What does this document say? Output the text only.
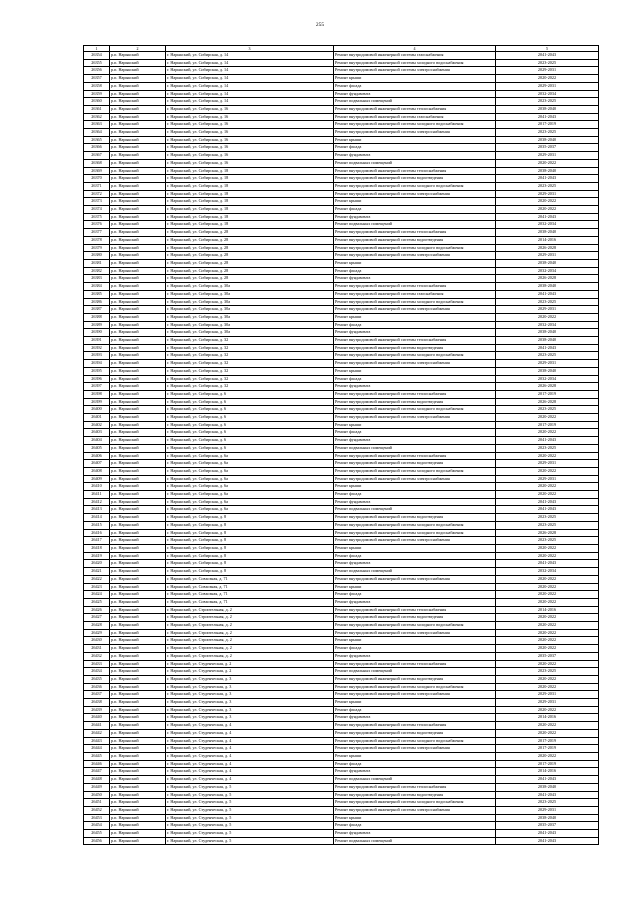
255
1	2	3	4	5
26354	р.п. Нарыкский	г. Нарыкский, ул. Сибирская, д. 14	Ремонт внутридомовой инженерной системы газоснабжения	2041-2043
26355	р.п. Нарыкский	г. Нарыкский, ул. Сибирская, д. 14	Ремонт внутридомовой инженерной системы холодного водоснабжения	2023-2025
26356	р.п. Нарыкский	г. Нарыкский, ул. Сибирская, д. 14	Ремонт внутридомовой инженерной системы электроснабжения	2029-2031
26357	р.п. Нарыкский	г. Нарыкский, ул. Сибирская, д. 14	Ремонт крыши	2020-2022
26358	р.п. Нарыкский	г. Нарыкский, ул. Сибирская, д. 14	Ремонт фасада	2029-2031
26359	р.п. Нарыкский	г. Нарыкский, ул. Сибирская, д. 14	Ремонт фундамента	2032-2034
26360	р.п. Нарыкский	г. Нарыкский, ул. Сибирская, д. 14	Ремонт подвальных помещений	2023-2025
26361	р.п. Нарыкский	г. Нарыкский, ул. Сибирская, д. 16	Ремонт внутридомовой инженерной системы теплоснабжения	2038-2040
26362	р.п. Нарыкский	г. Нарыкский, ул. Сибирская, д. 16	Ремонт внутридомовой инженерной системы газоснабжения	2041-2043
26363	р.п. Нарыкский	г. Нарыкский, ул. Сибирская, д. 16	Ремонт внутридомовой инженерной системы холодного водоснабжения	2017-2019
26364	р.п. Нарыкский	г. Нарыкский, ул. Сибирская, д. 16	Ремонт внутридомовой инженерной системы электроснабжения	2023-2025
26365	р.п. Нарыкский	г. Нарыкский, ул. Сибирская, д. 16	Ремонт крыши	2038-2040
26366	р.п. Нарыкский	г. Нарыкский, ул. Сибирская, д. 16	Ремонт фасада	2035-2037
26367	р.п. Нарыкский	г. Нарыкский, ул. Сибирская, д. 16	Ремонт фундамента	2029-2031
26368	р.п. Нарыкский	г. Нарыкский, ул. Сибирская, д. 16	Ремонт подвальных помещений	2020-2022
26369	р.п. Нарыкский	г. Нарыкский, ул. Сибирская, д. 18	Ремонт внутридомовой инженерной системы теплоснабжения	2038-2040
26370	р.п. Нарыкский	г. Нарыкский, ул. Сибирская, д. 18	Ремонт внутридомовой инженерной системы водоотведения	2041-2043
26371	р.п. Нарыкский	г. Нарыкский, ул. Сибирская, д. 18	Ремонт внутридомовой инженерной системы холодного водоснабжения	2023-2025
26372	р.п. Нарыкский	г. Нарыкский, ул. Сибирская, д. 18	Ремонт внутридомовой инженерной системы электроснабжения	2029-2031
26373	р.п. Нарыкский	г. Нарыкский, ул. Сибирская, д. 18	Ремонт крыши	2020-2022
26374	р.п. Нарыкский	г. Нарыкский, ул. Сибирская, д. 18	Ремонт фасада	2020-2022
26375	р.п. Нарыкский	г. Нарыкский, ул. Сибирская, д. 18	Ремонт фундамента	2041-2043
26376	р.п. Нарыкский	г. Нарыкский, ул. Сибирская, д. 18	Ремонт подвальных помещений	2032-2034
26377	р.п. Нарыкский	г. Нарыкский, ул. Сибирская, д. 28	Ремонт внутридомовой инженерной системы теплоснабжения	2038-2040
26378	р.п. Нарыкский	г. Нарыкский, ул. Сибирская, д. 28	Ремонт внутридомовой инженерной системы водоотведения	2014-2016
26379	р.п. Нарыкский	г. Нарыкский, ул. Сибирская, д. 28	Ремонт внутридомовой инженерной системы холодного водоснабжения	2026-2028
26380	р.п. Нарыкский	г. Нарыкский, ул. Сибирская, д. 28	Ремонт внутридомовой инженерной системы электроснабжения	2029-2031
26381	р.п. Нарыкский	г. Нарыкский, ул. Сибирская, д. 28	Ремонт крыши	2038-2040
26382	р.п. Нарыкский	г. Нарыкский, ул. Сибирская, д. 28	Ремонт фасада	2032-2034
26383	р.п. Нарыкский	г. Нарыкский, ул. Сибирская, д. 28	Ремонт фундамента	2026-2028
26384	р.п. Нарыкский	г. Нарыкский, ул. Сибирская, д. 30а	Ремонт внутридомовой инженерной системы теплоснабжения	2038-2040
26385	р.п. Нарыкский	г. Нарыкский, ул. Сибирская, д. 30а	Ремонт внутридомовой инженерной системы газоснабжения	2041-2043
26386	р.п. Нарыкский	г. Нарыкский, ул. Сибирская, д. 30а	Ремонт внутридомовой инженерной системы холодного водоснабжения	2023-2025
26387	р.п. Нарыкский	г. Нарыкский, ул. Сибирская, д. 30а	Ремонт внутридомовой инженерной системы электроснабжения	2029-2031
26388	р.п. Нарыкский	г. Нарыкский, ул. Сибирская, д. 30а	Ремонт крыши	2020-2022
26389	р.п. Нарыкский	г. Нарыкский, ул. Сибирская, д. 30а	Ремонт фасада	2032-2034
26390	р.п. Нарыкский	г. Нарыкский, ул. Сибирская, д. 30а	Ремонт фундамента	2038-2040
26391	р.п. Нарыкский	г. Нарыкский, ул. Сибирская, д. 32	Ремонт внутридомовой инженерной системы теплоснабжения	2038-2040
26392	р.п. Нарыкский	г. Нарыкский, ул. Сибирская, д. 32	Ремонт внутридомовой инженерной системы водоотведения	2041-2043
26393	р.п. Нарыкский	г. Нарыкский, ул. Сибирская, д. 32	Ремонт внутридомовой инженерной системы холодного водоснабжения	2023-2025
26394	р.п. Нарыкский	г. Нарыкский, ул. Сибирская, д. 32	Ремонт внутридомовой инженерной системы электроснабжения	2029-2031
26395	р.п. Нарыкский	г. Нарыкский, ул. Сибирская, д. 32	Ремонт крыши	2038-2040
26396	р.п. Нарыкский	г. Нарыкский, ул. Сибирская, д. 32	Ремонт фасада	2032-2034
26397	р.п. Нарыкский	г. Нарыкский, ул. Сибирская, д. 32	Ремонт фундамента	2026-2028
26398	р.п. Нарыкский	г. Нарыкский, ул. Сибирская, д. 6	Ремонт внутридомовой инженерной системы теплоснабжения	2017-2019
26399	р.п. Нарыкский	г. Нарыкский, ул. Сибирская, д. 6	Ремонт внутридомовой инженерной системы водоотведения	2026-2028
26400	р.п. Нарыкский	г. Нарыкский, ул. Сибирская, д. 6	Ремонт внутридомовой инженерной системы холодного водоснабжения	2023-2025
26401	р.п. Нарыкский	г. Нарыкский, ул. Сибирская, д. 6	Ремонт внутридомовой инженерной системы электроснабжения	2020-2022
26402	р.п. Нарыкский	г. Нарыкский, ул. Сибирская, д. 6	Ремонт крыши	2017-2019
26403	р.п. Нарыкский	г. Нарыкский, ул. Сибирская, д. 6	Ремонт фасада	2020-2022
26404	р.п. Нарыкский	г. Нарыкский, ул. Сибирская, д. 6	Ремонт фундамента	2041-2043
26405	р.п. Нарыкский	г. Нарыкский, ул. Сибирская, д. 6	Ремонт подвальных помещений	2023-2025
26406	р.п. Нарыкский	г. Нарыкский, ул. Сибирская, д. 6а	Ремонт внутридомовой инженерной системы теплоснабжения	2020-2022
26407	р.п. Нарыкский	г. Нарыкский, ул. Сибирская, д. 6а	Ремонт внутридомовой инженерной системы водоотведения	2029-2031
26408	р.п. Нарыкский	г. Нарыкский, ул. Сибирская, д. 6а	Ремонт внутридомовой инженерной системы холодного водоснабжения	2020-2022
26409	р.п. Нарыкский	г. Нарыкский, ул. Сибирская, д. 6а	Ремонт внутридомовой инженерной системы электроснабжения	2029-2031
26410	р.п. Нарыкский	г. Нарыкский, ул. Сибирская, д. 6а	Ремонт крыши	2020-2022
26411	р.п. Нарыкский	г. Нарыкский, ул. Сибирская, д. 6а	Ремонт фасада	2020-2022
26412	р.п. Нарыкский	г. Нарыкский, ул. Сибирская, д. 6а	Ремонт фундамента	2041-2043
26413	р.п. Нарыкский	г. Нарыкский, ул. Сибирская, д. 6а	Ремонт подвальных помещений	2041-2043
26414	р.п. Нарыкский	г. Нарыкский, ул. Сибирская, д. 8	Ремонт внутридомовой инженерной системы водоотведения	2023-2025
26415	р.п. Нарыкский	г. Нарыкский, ул. Сибирская, д. 8	Ремонт внутридомовой инженерной системы холодного водоснабжения	2023-2025
26416	р.п. Нарыкский	г. Нарыкский, ул. Сибирская, д. 8	Ремонт внутридомовой инженерной системы холодного водоснабжения	2026-2028
26417	р.п. Нарыкский	г. Нарыкский, ул. Сибирская, д. 8	Ремонт внутридомовой инженерной системы электроснабжения	2023-2025
26418	р.п. Нарыкский	г. Нарыкский, ул. Сибирская, д. 8	Ремонт крыши	2020-2022
26419	р.п. Нарыкский	г. Нарыкский, ул. Сибирская, д. 8	Ремонт фасада	2020-2022
26420	р.п. Нарыкский	г. Нарыкский, ул. Сибирская, д. 8	Ремонт фундамента	2041-2043
26421	р.п. Нарыкский	г. Нарыкский, ул. Сибирская, д. 8	Ремонт подвальных помещений	2032-2034
26422	р.п. Нарыкский	г. Нарыкский, ул. Совхозная, д. 71	Ремонт внутридомовой инженерной системы электроснабжения	2020-2022
26423	р.п. Нарыкский	г. Нарыкский, ул. Совхозная, д. 71	Ремонт крыши	2020-2022
26424	р.п. Нарыкский	г. Нарыкский, ул. Совхозная, д. 71	Ремонт фасада	2020-2022
26425	р.п. Нарыкский	г. Нарыкский, ул. Совхозная, д. 71	Ремонт фундамента	2020-2022
26426	р.п. Нарыкский	г. Нарыкский, ул. Строительная, д. 2	Ремонт внутридомовой инженерной системы теплоснабжения	2014-2016
26427	р.п. Нарыкский	г. Нарыкский, ул. Строительная, д. 2	Ремонт внутридомовой инженерной системы водоотведения	2020-2022
26428	р.п. Нарыкский	г. Нарыкский, ул. Строительная, д. 2	Ремонт внутридомовой инженерной системы холодного водоснабжения	2020-2022
26429	р.п. Нарыкский	г. Нарыкский, ул. Строительная, д. 2	Ремонт внутридомовой инженерной системы электроснабжения	2020-2022
26430	р.п. Нарыкский	г. Нарыкский, ул. Строительная, д. 2	Ремонт крыши	2020-2022
26431	р.п. Нарыкский	г. Нарыкский, ул. Строительная, д. 2	Ремонт фасада	2020-2022
26432	р.п. Нарыкский	г. Нарыкский, ул. Строительная, д. 2	Ремонт фундамента	2035-2037
26433	р.п. Нарыкский	г. Нарыкский, ул. Студенческая, д. 2	Ремонт внутридомовой инженерной системы теплоснабжения	2020-2022
26434	р.п. Нарыкский	г. Нарыкский, ул. Студенческая, д. 2	Ремонт подвальных помещений	2023-2025
26435	р.п. Нарыкский	г. Нарыкский, ул. Студенческая, д. 3	Ремонт внутридомовой инженерной системы водоотведения	2020-2022
26436	р.п. Нарыкский	г. Нарыкский, ул. Студенческая, д. 3	Ремонт внутридомовой инженерной системы холодного водоснабжения	2020-2022
26437	р.п. Нарыкский	г. Нарыкский, ул. Студенческая, д. 3	Ремонт внутридомовой инженерной системы электроснабжения	2029-2031
26438	р.п. Нарыкский	г. Нарыкский, ул. Студенческая, д. 3	Ремонт крыши	2029-2031
26439	р.п. Нарыкский	г. Нарыкский, ул. Студенческая, д. 3	Ремонт фасада	2020-2022
26440	р.п. Нарыкский	г. Нарыкский, ул. Студенческая, д. 3	Ремонт фундамента	2014-2016
26441	р.п. Нарыкский	г. Нарыкский, ул. Студенческая, д. 4	Ремонт внутридомовой инженерной системы теплоснабжения	2020-2022
26442	р.п. Нарыкский	г. Нарыкский, ул. Студенческая, д. 4	Ремонт внутридомовой инженерной системы водоотведения	2020-2022
26443	р.п. Нарыкский	г. Нарыкский, ул. Студенческая, д. 4	Ремонт внутридомовой инженерной системы холодного водоснабжения	2017-2019
26444	р.п. Нарыкский	г. Нарыкский, ул. Студенческая, д. 4	Ремонт внутридомовой инженерной системы электроснабжения	2017-2019
26445	р.п. Нарыкский	г. Нарыкский, ул. Студенческая, д. 4	Ремонт крыши	2020-2022
26446	р.п. Нарыкский	г. Нарыкский, ул. Студенческая, д. 4	Ремонт фасада	2017-2019
26447	р.п. Нарыкский	г. Нарыкский, ул. Студенческая, д. 4	Ремонт фундамента	2014-2016
26448	р.п. Нарыкский	г. Нарыкский, ул. Студенческая, д. 4	Ремонт подвальных помещений	2041-2043
26449	р.п. Нарыкский	г. Нарыкский, ул. Студенческая, д. 5	Ремонт внутридомовой инженерной системы теплоснабжения	2038-2040
26450	р.п. Нарыкский	г. Нарыкский, ул. Студенческая, д. 5	Ремонт внутридомовой инженерной системы водоотведения	2041-2043
26451	р.п. Нарыкский	г. Нарыкский, ул. Студенческая, д. 5	Ремонт внутридомовой инженерной системы холодного водоснабжения	2023-2025
26452	р.п. Нарыкский	г. Нарыкский, ул. Студенческая, д. 5	Ремонт внутридомовой инженерной системы электроснабжения	2029-2031
26453	р.п. Нарыкский	г. Нарыкский, ул. Студенческая, д. 5	Ремонт крыши	2038-2040
26454	р.п. Нарыкский	г. Нарыкский, ул. Студенческая, д. 5	Ремонт фасада	2035-2037
26455	р.п. Нарыкский	г. Нарыкский, ул. Студенческая, д. 5	Ремонт фундамента	2041-2043
26456	р.п. Нарыкский	г. Нарыкский, ул. Студенческая, д. 5	Ремонт подвальных помещений	2041-2043
